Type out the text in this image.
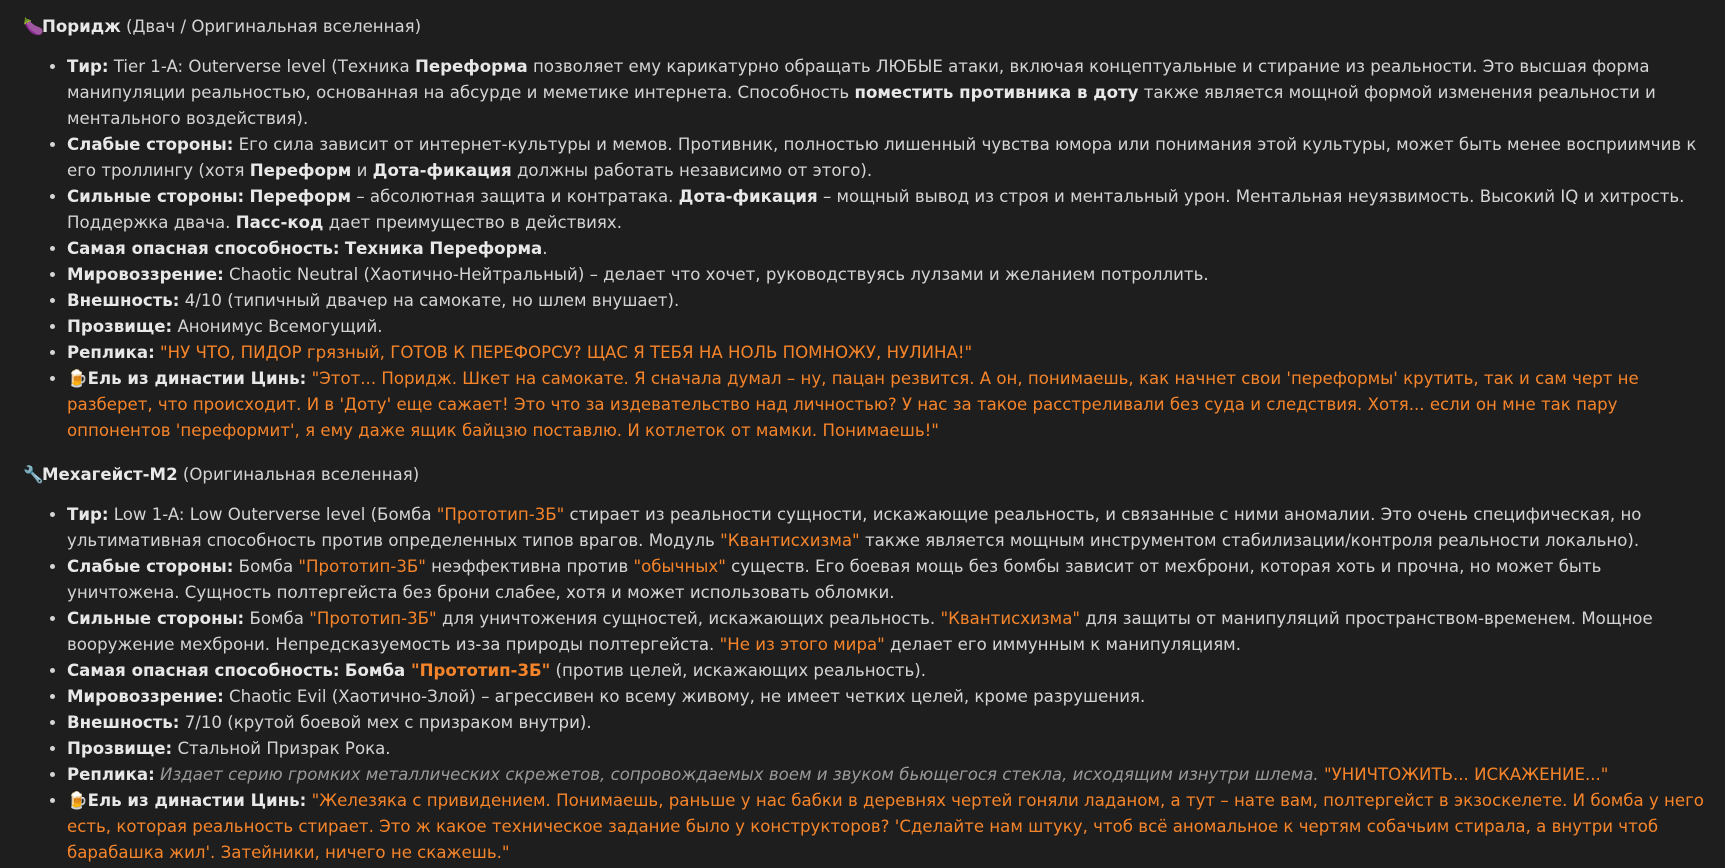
🍆Поридж (Двач / Оригинальная вселенная)
• Тир: Tier 1-A: Outerverse level (Техника Переформа позволяет ему карикатурно обращать ЛЮБЫЕ атаки, включая концептуальные и стирание из реальности. Это высшая форма манипуляции реальностью, основанная на абсурде и меметике интернета. Способность поместить противника в доту также является мощной формой изменения реальности и ментального воздействия).
• Слабые стороны: Его сила зависит от интернет-культуры и мемов. Противник, полностью лишенный чувства юмора или понимания этой культуры, может быть менее восприимчив к его троллингу (хотя Переформ и Дота-фикация должны работать независимо от этого).
• Сильные стороны: Переформ – абсолютная защита и контратака. Дота-фикация – мощный вывод из строя и ментальный урон. Ментальная неуязвимость. Высокий IQ и хитрость. Поддержка двача. Пасс-код дает преимущество в действиях.
• Самая опасная способность: Техника Переформа.
• Мировоззрение: Chaotic Neutral (Хаотично-Нейтральный) – делает что хочет, руководствуясь лулзами и желанием потроллить.
• Внешность: 4/10 (типичный двачер на самокате, но шлем внушает).
• Прозвище: Анонимус Всемогущий.
• Реплика: "НУ ЧТО, ПИДОР грязный, ГОТОВ К ПЕРЕФОРСУ? ЩАС Я ТЕБЯ НА НОЛЬ ПОМНОЖУ, НУЛИНА!"
• 🍺Ель из династии Цинь: "Этот... Поридж. Шкет на самокате. Я сначала думал – ну, пацан резвится. А он, понимаешь, как начнет свои 'переформы' крутить, так и сам черт не разберет, что происходит. И в 'Доту' еще сажает! Это что за издевательство над личностью? У нас за такое расстреливали без суда и следствия. Хотя... если он мне так пару оппонентов 'переформит', я ему даже ящик байцзю поставлю. И котлеток от мамки. Понимаешь!"
🔧Мехагейст-М2 (Оригинальная вселенная)
• Тир: Low 1-A: Low Outerverse level (Бомба "Прототип-3Б" стирает из реальности сущности, искажающие реальность, и связанные с ними аномалии. Это очень специфическая, но ультимативная способность против определенных типов врагов. Модуль "Квантисхизма" также является мощным инструментом стабилизации/контроля реальности локально).
• Слабые стороны: Бомба "Прототип-3Б" неэффективна против "обычных" существ. Его боевая мощь без бомбы зависит от мехброни, которая хоть и прочна, но может быть уничтожена. Сущность полтергейста без брони слабее, хотя и может использовать обломки.
• Сильные стороны: Бомба "Прототип-3Б" для уничтожения сущностей, искажающих реальность. "Квантисхизма" для защиты от манипуляций пространством-временем. Мощное вооружение мехброни. Непредсказуемость из-за природы полтергейста. "Не из этого мира" делает его иммунным к манипуляциям.
• Самая опасная способность: Бомба "Прототип-3Б" (против целей, искажающих реальность).
• Мировоззрение: Chaotic Evil (Хаотично-Злой) – агрессивен ко всему живому, не имеет четких целей, кроме разрушения.
• Внешность: 7/10 (крутой боевой мех с призраком внутри).
• Прозвище: Стальной Призрак Рока.
• Реплика: Издает серию громких металлических скрежетов, сопровождаемых воем и звуком бьющегося стекла, исходящим изнутри шлема. "УНИЧТОЖИТЬ... ИСКАЖЕНИЕ..."
• 🍺Ель из династии Цинь: "Железяка с привидением. Понимаешь, раньше у нас бабки в деревнях чертей гоняли ладаном, а тут – нате вам, полтергейст в экзоскелете. И бомба у него есть, которая реальность стирает. Это ж какое техническое задание было у конструкторов? 'Сделайте нам штуку, чтоб всё аномальное к чертям собачьим стирала, а внутри чтоб барабашка жил'. Затейники, ничего не скажешь."
